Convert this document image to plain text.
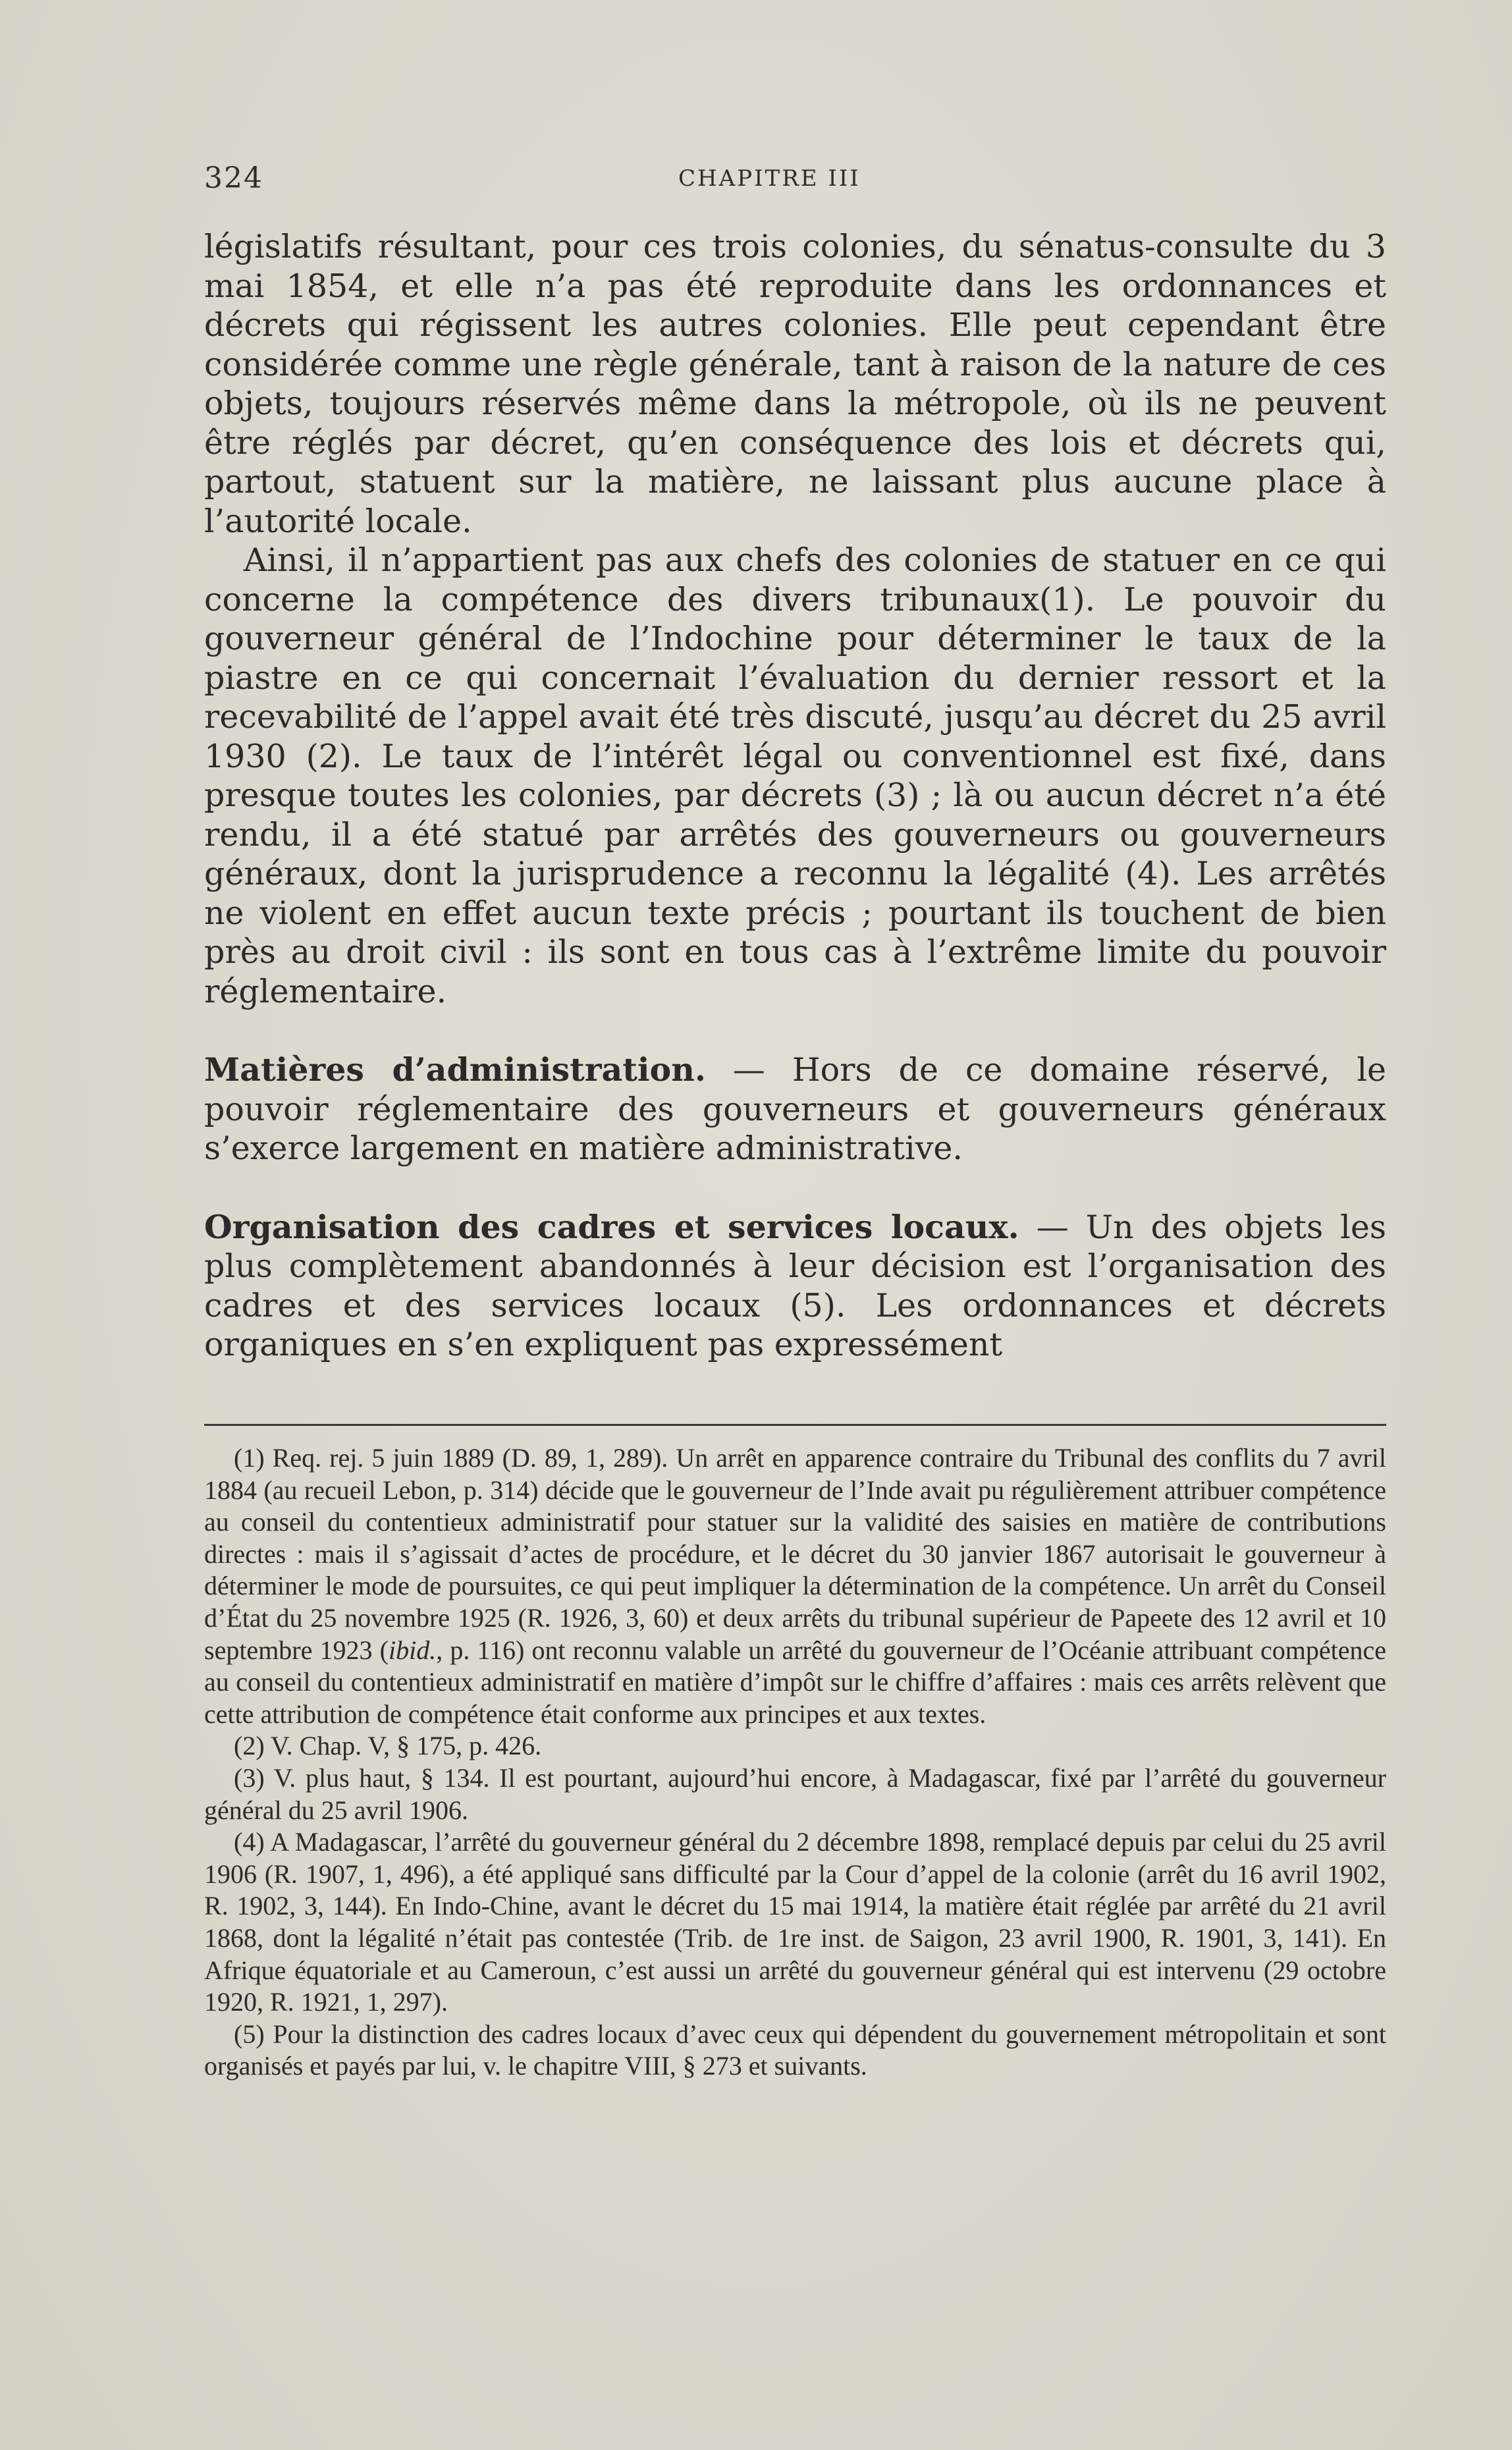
324	CHAPITRE III

législatifs résultant, pour ces trois colonies, du sénatus-consulte du 3 mai 1854, et elle n’a pas été reproduite dans les ordonnances et décrets qui régissent les autres colonies. Elle peut cependant être considérée comme une règle générale, tant à raison de la nature de ces objets, toujours réservés même dans la métropole, où ils ne peuvent être réglés par décret, qu’en conséquence des lois et décrets qui, partout, statuent sur la matière, ne laissant plus aucune place à l’autorité locale.

Ainsi, il n’appartient pas aux chefs des colonies de statuer en ce qui concerne la compétence des divers tribunaux(1). Le pouvoir du gouverneur général de l’Indochine pour déterminer le taux de la piastre en ce qui concernait l’évaluation du dernier ressort et la recevabilité de l’appel avait été très discuté, jusqu’au décret du 25 avril 1930 (2). Le taux de l’intérêt légal ou conventionnel est fixé, dans presque toutes les colonies, par décrets (3) ; là ou aucun décret n’a été rendu, il a été statué par arrêtés des gouverneurs ou gouverneurs généraux, dont la jurisprudence a reconnu la légalité (4). Les arrêtés ne violent en effet aucun texte précis ; pourtant ils touchent de bien près au droit civil : ils sont en tous cas à l’extrême limite du pouvoir réglementaire.

Matières d’administration. — Hors de ce domaine réservé, le pouvoir réglementaire des gouverneurs et gouverneurs généraux s’exerce largement en matière administrative.

Organisation des cadres et services locaux. — Un des objets les plus complètement abandonnés à leur décision est l’organisation des cadres et des services locaux (5). Les ordonnances et décrets organiques en s’en expliquent pas expressément

(1) Req. rej. 5 juin 1889 (D. 89, 1, 289). Un arrêt en apparence contraire du Tribunal des conflits du 7 avril 1884 (au recueil Lebon, p. 314) décide que le gouverneur de l’Inde avait pu régulièrement attribuer compétence au conseil du contentieux administratif pour statuer sur la validité des saisies en matière de contributions directes : mais il s’agissait d’actes de procédure, et le décret du 30 janvier 1867 autorisait le gouverneur à déterminer le mode de poursuites, ce qui peut impliquer la détermination de la compétence. Un arrêt du Conseil d’État du 25 novembre 1925 (R. 1926, 3, 60) et deux arrêts du tribunal supérieur de Papeete des 12 avril et 10 septembre 1923 (ibid., p. 116) ont reconnu valable un arrêté du gouverneur de l’Océanie attribuant compétence au conseil du contentieux administratif en matière d’impôt sur le chiffre d’affaires : mais ces arrêts relèvent que cette attribution de compétence était conforme aux principes et aux textes.

(2) V. Chap. V, § 175, p. 426.

(3) V. plus haut, § 134. Il est pourtant, aujourd’hui encore, à Madagascar, fixé par l’arrêté du gouverneur général du 25 avril 1906.

(4) A Madagascar, l’arrêté du gouverneur général du 2 décembre 1898, remplacé depuis par celui du 25 avril 1906 (R. 1907, 1, 496), a été appliqué sans difficulté par la Cour d’appel de la colonie (arrêt du 16 avril 1902, R. 1902, 3, 144). En Indo-Chine, avant le décret du 15 mai 1914, la matière était réglée par arrêté du 21 avril 1868, dont la légalité n’était pas contestée (Trib. de 1re inst. de Saigon, 23 avril 1900, R. 1901, 3, 141). En Afrique équatoriale et au Cameroun, c’est aussi un arrêté du gouverneur général qui est intervenu (29 octobre 1920, R. 1921, 1, 297).

(5) Pour la distinction des cadres locaux d’avec ceux qui dépendent du gouvernement métropolitain et sont organisés et payés par lui, v. le chapitre VIII, § 273 et suivants.
